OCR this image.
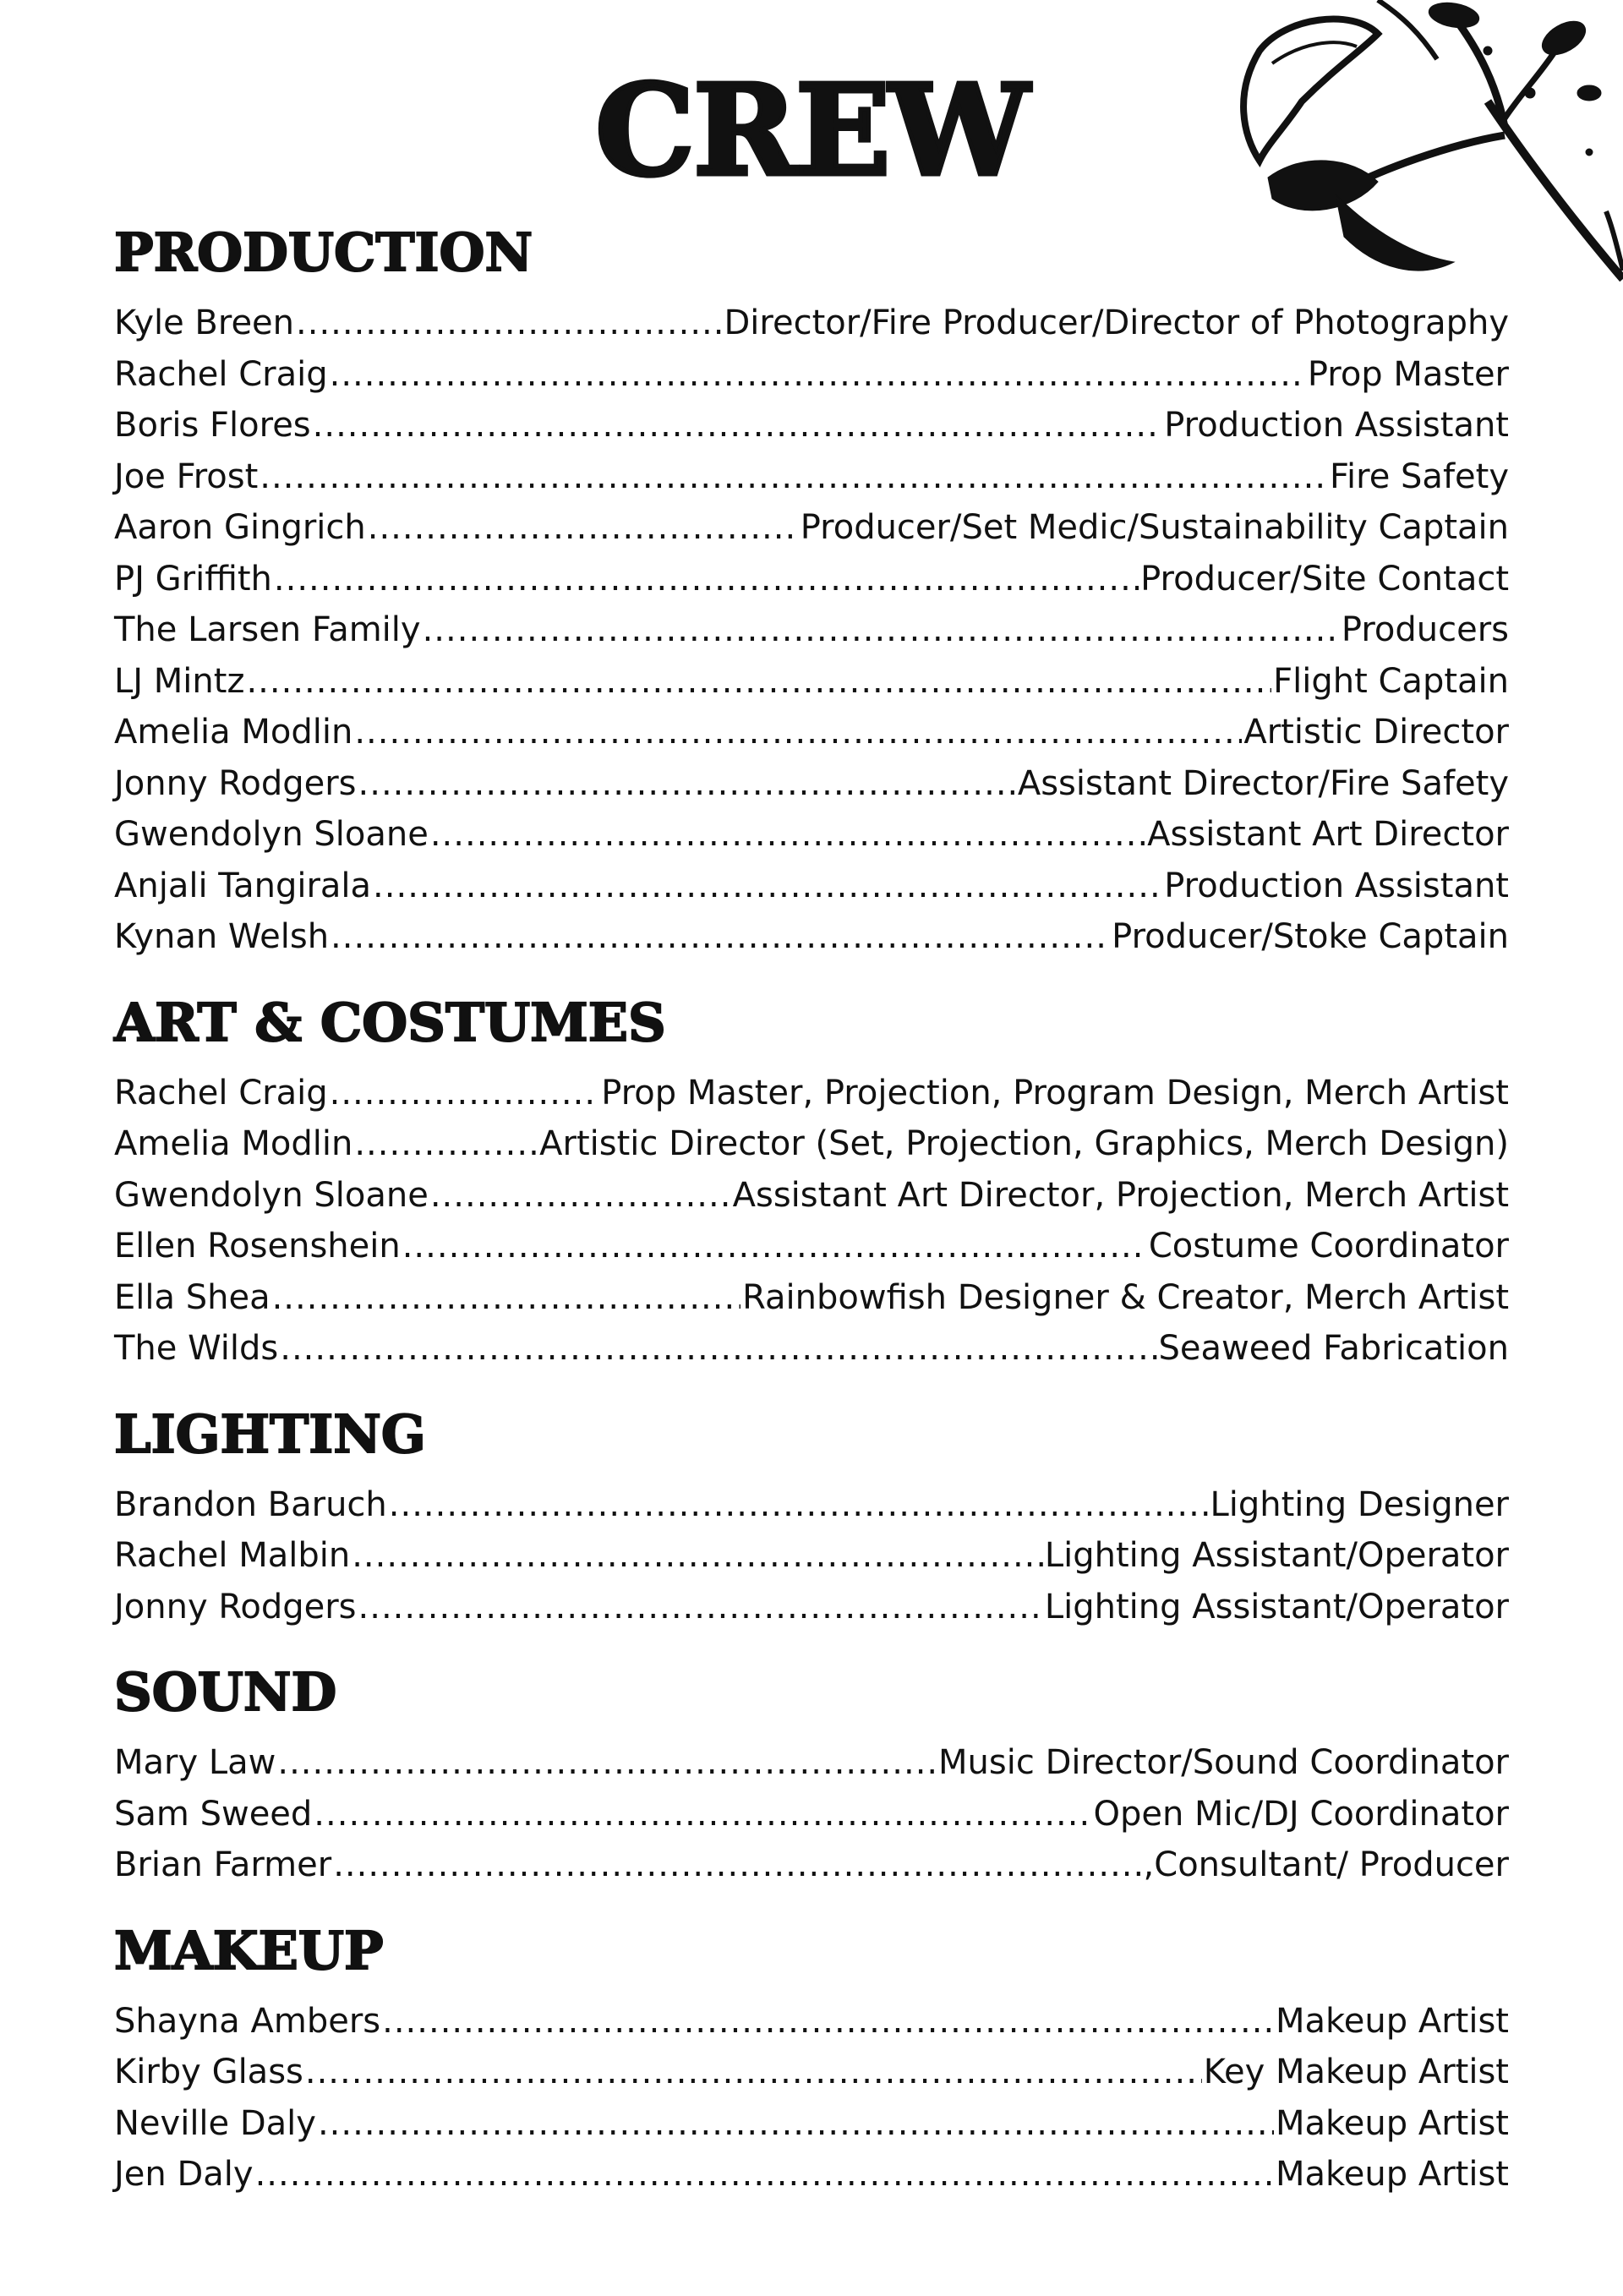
CREW
PRODUCTION
Kyle Breen .....	Director/Fire Producer/Director of Photography
Rachel Craig .....	Prop Master
Boris Flores .....	Production Assistant
Joe Frost .....	Fire Safety
Aaron Gingrich .....	Producer/Set Medic/Sustainability Captain
PJ Griffith .....	Producer/Site Contact
The Larsen Family .....	Producers
LJ Mintz .....	Flight Captain
Amelia Modlin .....	Artistic Director
Jonny Rodgers .....	Assistant Director/Fire Safety
Gwendolyn Sloane .....	Assistant Art Director
Anjali Tangirala .....	Production Assistant
Kynan Welsh .....	Producer/Stoke Captain
ART & COSTUMES
Rachel Craig .....	Prop Master, Projection, Program Design, Merch Artist
Amelia Modlin .....	Artistic Director (Set, Projection, Graphics, Merch Design)
Gwendolyn Sloane .....	Assistant Art Director, Projection, Merch Artist
Ellen Rosenshein .....	Costume Coordinator
Ella Shea .....	Rainbowfish Designer & Creator, Merch Artist
The Wilds .....	Seaweed Fabrication
LIGHTING
Brandon Baruch .....	Lighting Designer
Rachel Malbin .....	Lighting Assistant/Operator
Jonny Rodgers .....	Lighting Assistant/Operator
SOUND
Mary Law .....	Music Director/Sound Coordinator
Sam Sweed .....	Open Mic/DJ Coordinator
Brian Farmer .....	,Consultant/ Producer
MAKEUP
Shayna Ambers .....	Makeup Artist
Kirby Glass .....	Key Makeup Artist
Neville Daly .....	Makeup Artist
Jen Daly .....	Makeup Artist
